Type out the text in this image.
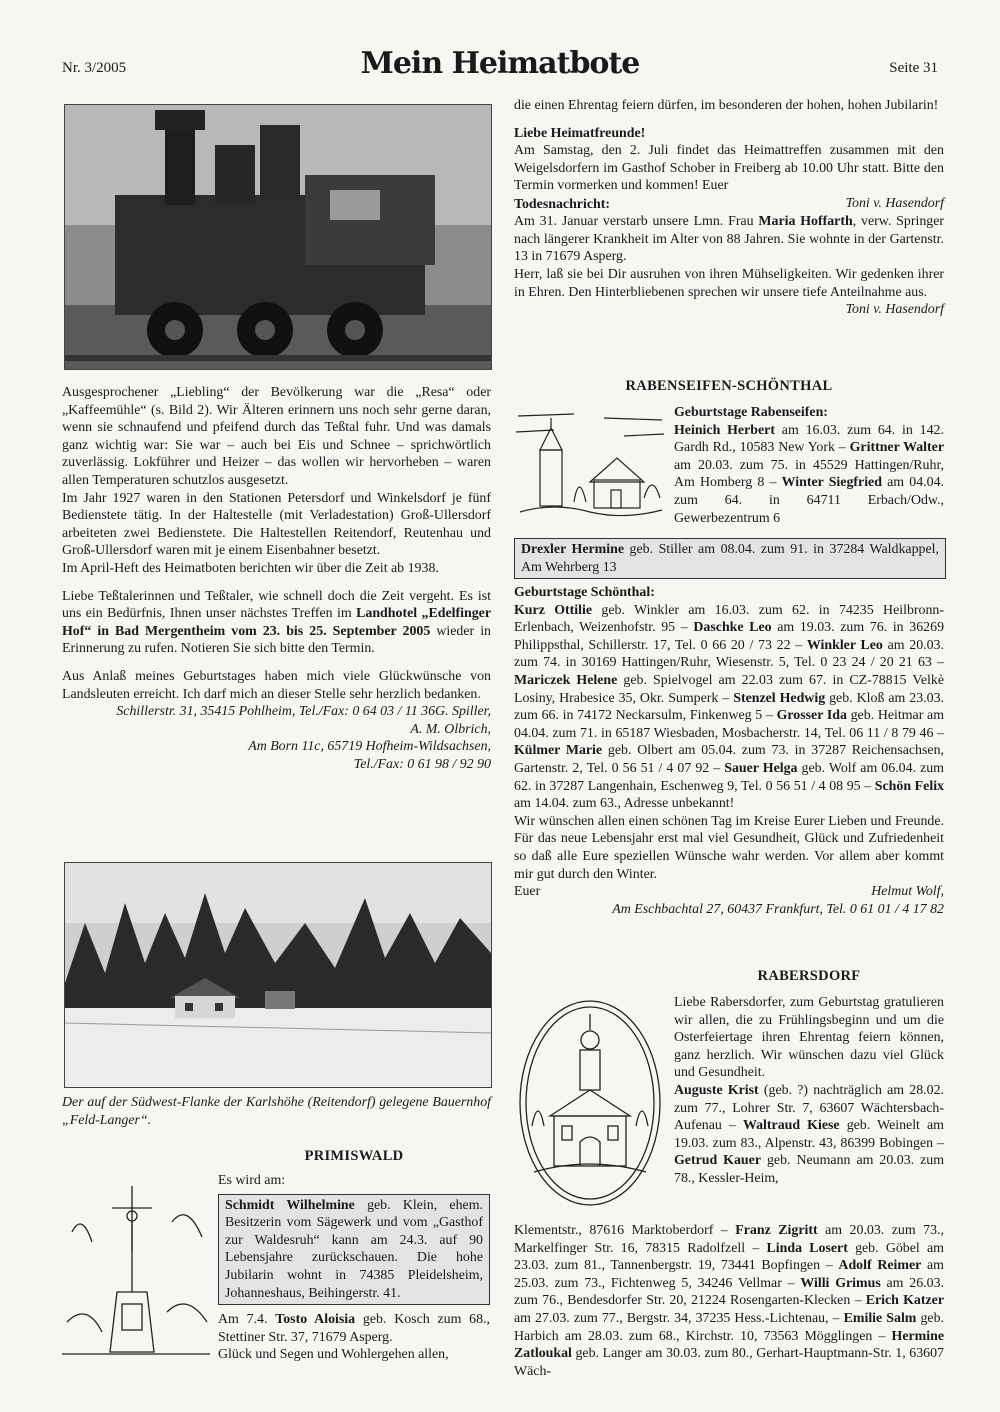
Nr. 3/2005	Mein Heimatbote	Seite 31

Ausgesprochener „Liebling“ der Bevölkerung war die „Resa“ oder „Kaffeemühle“ (s. Bild 2). Wir Älteren erinnern uns noch sehr gerne daran, wenn sie schnaufend und pfeifend durch das Teßtal fuhr. Und was damals ganz wichtig war: Sie war – auch bei Eis und Schnee – sprichwörtlich zuverlässig. Lokführer und Heizer – das wollen wir hervorheben – waren allen Temperaturen schutzlos ausgesetzt.

Im Jahr 1927 waren in den Stationen Petersdorf und Winkelsdorf je fünf Bedienstete tätig. In der Haltestelle (mit Verladestation) Groß-Ullersdorf arbeiteten zwei Bedienstete. Die Haltestellen Reitendorf, Reutenhau und Groß-Ullersdorf waren mit je einem Eisenbahner besetzt.

Im April-Heft des Heimatboten berichten wir über die Zeit ab 1938.

Liebe Teßtalerinnen und Teßtaler, wie schnell doch die Zeit vergeht. Es ist uns ein Bedürfnis, Ihnen unser nächstes Treffen im Landhotel „Edelfinger Hof“ in Bad Mergentheim vom 23. bis 25. September 2005 wieder in Erinnerung zu rufen. Notieren Sie sich bitte den Termin.

Aus Anlaß meines Geburtstages haben mich viele Glückwünsche von Landsleuten erreicht. Ich darf mich an dieser Stelle sehr herzlich bedanken.
G. Spiller,

Schillerstr. 31, 35415 Pohlheim, Tel./Fax: 0 64 03 / 11 36
A. M. Olbrich,
Am Born 11c, 65719 Hofheim-Wildsachsen,
Tel./Fax: 0 61 98 / 92 90
Der auf der Südwest-Flanke der Karlshöhe (Reitendorf) gelegene Bauernhof „Feld-Langer“.
PRIMISWALD
Es wird am:
Schmidt Wilhelmine geb. Klein, ehem. Besitzerin vom Sägewerk und vom „Gasthof zur Waldesruh“ kann am 24.3. auf 90 Lebensjahre zurückschauen. Die hohe Jubilarin wohnt in 74385 Pleidelsheim, Johanneshaus, Beihingerstr. 41.
Am 7.4. Tosto Aloisia geb. Kosch zum 68., Stettiner Str. 37, 71679 Asperg.
Glück und Segen und Wohlergehen allen,

die einen Ehrentag feiern dürfen, im besonderen der hohen, hohen Jubilarin!

Liebe Heimatfreunde!
Am Samstag, den 2. Juli findet das Heimattreffen zusammen mit den Weigelsdorfern im Gasthof Schober in Freiberg ab 10.00 Uhr statt. Bitte den Termin vormerken und kommen! Euer
Toni v. Hasendorf
Todesnachricht:
Am 31. Januar verstarb unsere Lmn. Frau Maria Hoffarth, verw. Springer nach längerer Krankheit im Alter von 88 Jahren. Sie wohnte in der Gartenstr. 13 in 71679 Asperg.
Herr, laß sie bei Dir ausruhen von ihren Mühseligkeiten. Wir gedenken ihrer in Ehren. Den Hinterbliebenen sprechen wir unsere tiefe Anteilnahme aus.
Toni v. Hasendorf
RABENSEIFEN-SCHÖNTHAL
Geburtstage Rabenseifen:
Heinich Herbert am 16.03. zum 64. in 142. Gardh Rd., 10583 New York – Grittner Walter am 20.03. zum 75. in 45529 Hattingen/Ruhr, Am Homberg 8 – Winter Siegfried am 04.04. zum 64. in 64711 Erbach/Odw., Gewerbezentrum 6
Drexler Hermine geb. Stiller am 08.04. zum 91. in 37284 Waldkappel, Am Wehrberg 13
Geburtstage Schönthal:
Kurz Ottilie geb. Winkler am 16.03. zum 62. in 74235 Heilbronn-Erlenbach, Weizenhofstr. 95 – Daschke Leo am 19.03. zum 76. in 36269 Philippsthal, Schillerstr. 17, Tel. 0 66 20 / 73 22 – Winkler Leo am 20.03. zum 74. in 30169 Hattingen/Ruhr, Wiesenstr. 5, Tel. 0 23 24 / 20 21 63 – Mariczek Helene geb. Spielvogel am 22.03 zum 67. in CZ-78815 Velkè Losiny, Hrabesice 35, Okr. Sumperk – Stenzel Hedwig geb. Kloß am 23.03. zum 66. in 74172 Neckarsulm, Finkenweg 5 – Grosser Ida geb. Heitmar am 04.04. zum 71. in 65187 Wiesbaden, Mosbacherstr. 14, Tel. 06 11 / 8 79 46 – Külmer Marie geb. Olbert am 05.04. zum 73. in 37287 Reichensachsen, Gartenstr. 2, Tel. 0 56 51 / 4 07 92 – Sauer Helga geb. Wolf am 06.04. zum 62. in 37287 Langenhain, Eschenweg 9, Tel. 0 56 51 / 4 08 95 – Schön Felix am 14.04. zum 63., Adresse unbekannt!
Wir wünschen allen einen schönen Tag im Kreise Eurer Lieben und Freunde. Für das neue Lebensjahr erst mal viel Gesundheit, Glück und Zufriedenheit so daß alle Eure speziellen Wünsche wahr werden. Vor allem aber kommt mir gut durch den Winter.
Euer	Helmut Wolf,
Am Eschbachtal 27, 60437 Frankfurt, Tel. 0 61 01 / 4 17 82
RABERSDORF
Liebe Rabersdorfer, zum Geburtstag gratulieren wir allen, die zu Frühlingsbeginn und um die Osterfeiertage ihren Ehrentag feiern können, ganz herzlich. Wir wünschen dazu viel Glück und Gesundheit.
Auguste Krist (geb. ?) nachträglich am 28.02. zum 77., Lohrer Str. 7, 63607 Wächtersbach-Aufenau – Waltraud Kiese geb. Weinelt am 19.03. zum 83., Alpenstr. 43, 86399 Bobingen – Getrud Kauer geb. Neumann am 20.03. zum 78., Kessler-Heim,
Klementstr., 87616 Marktoberdorf – Franz Zigritt am 20.03. zum 73., Markelfinger Str. 16, 78315 Radolfzell – Linda Losert geb. Göbel am 23.03. zum 81., Tannenbergstr. 19, 73441 Bopfingen – Adolf Reimer am 25.03. zum 73., Fichtenweg 5, 34246 Vellmar – Willi Grimus am 26.03. zum 76., Bendesdorfer Str. 20, 21224 Rosengarten-Klecken – Erich Katzer am 27.03. zum 77., Bergstr. 34, 37235 Hess.-Lichtenau, – Emilie Salm geb. Harbich am 28.03. zum 68., Kirchstr. 10, 73563 Mögglingen – Hermine Zatloukal geb. Langer am 30.03. zum 80., Gerhart-Hauptmann-Str. 1, 63607 Wäch-
